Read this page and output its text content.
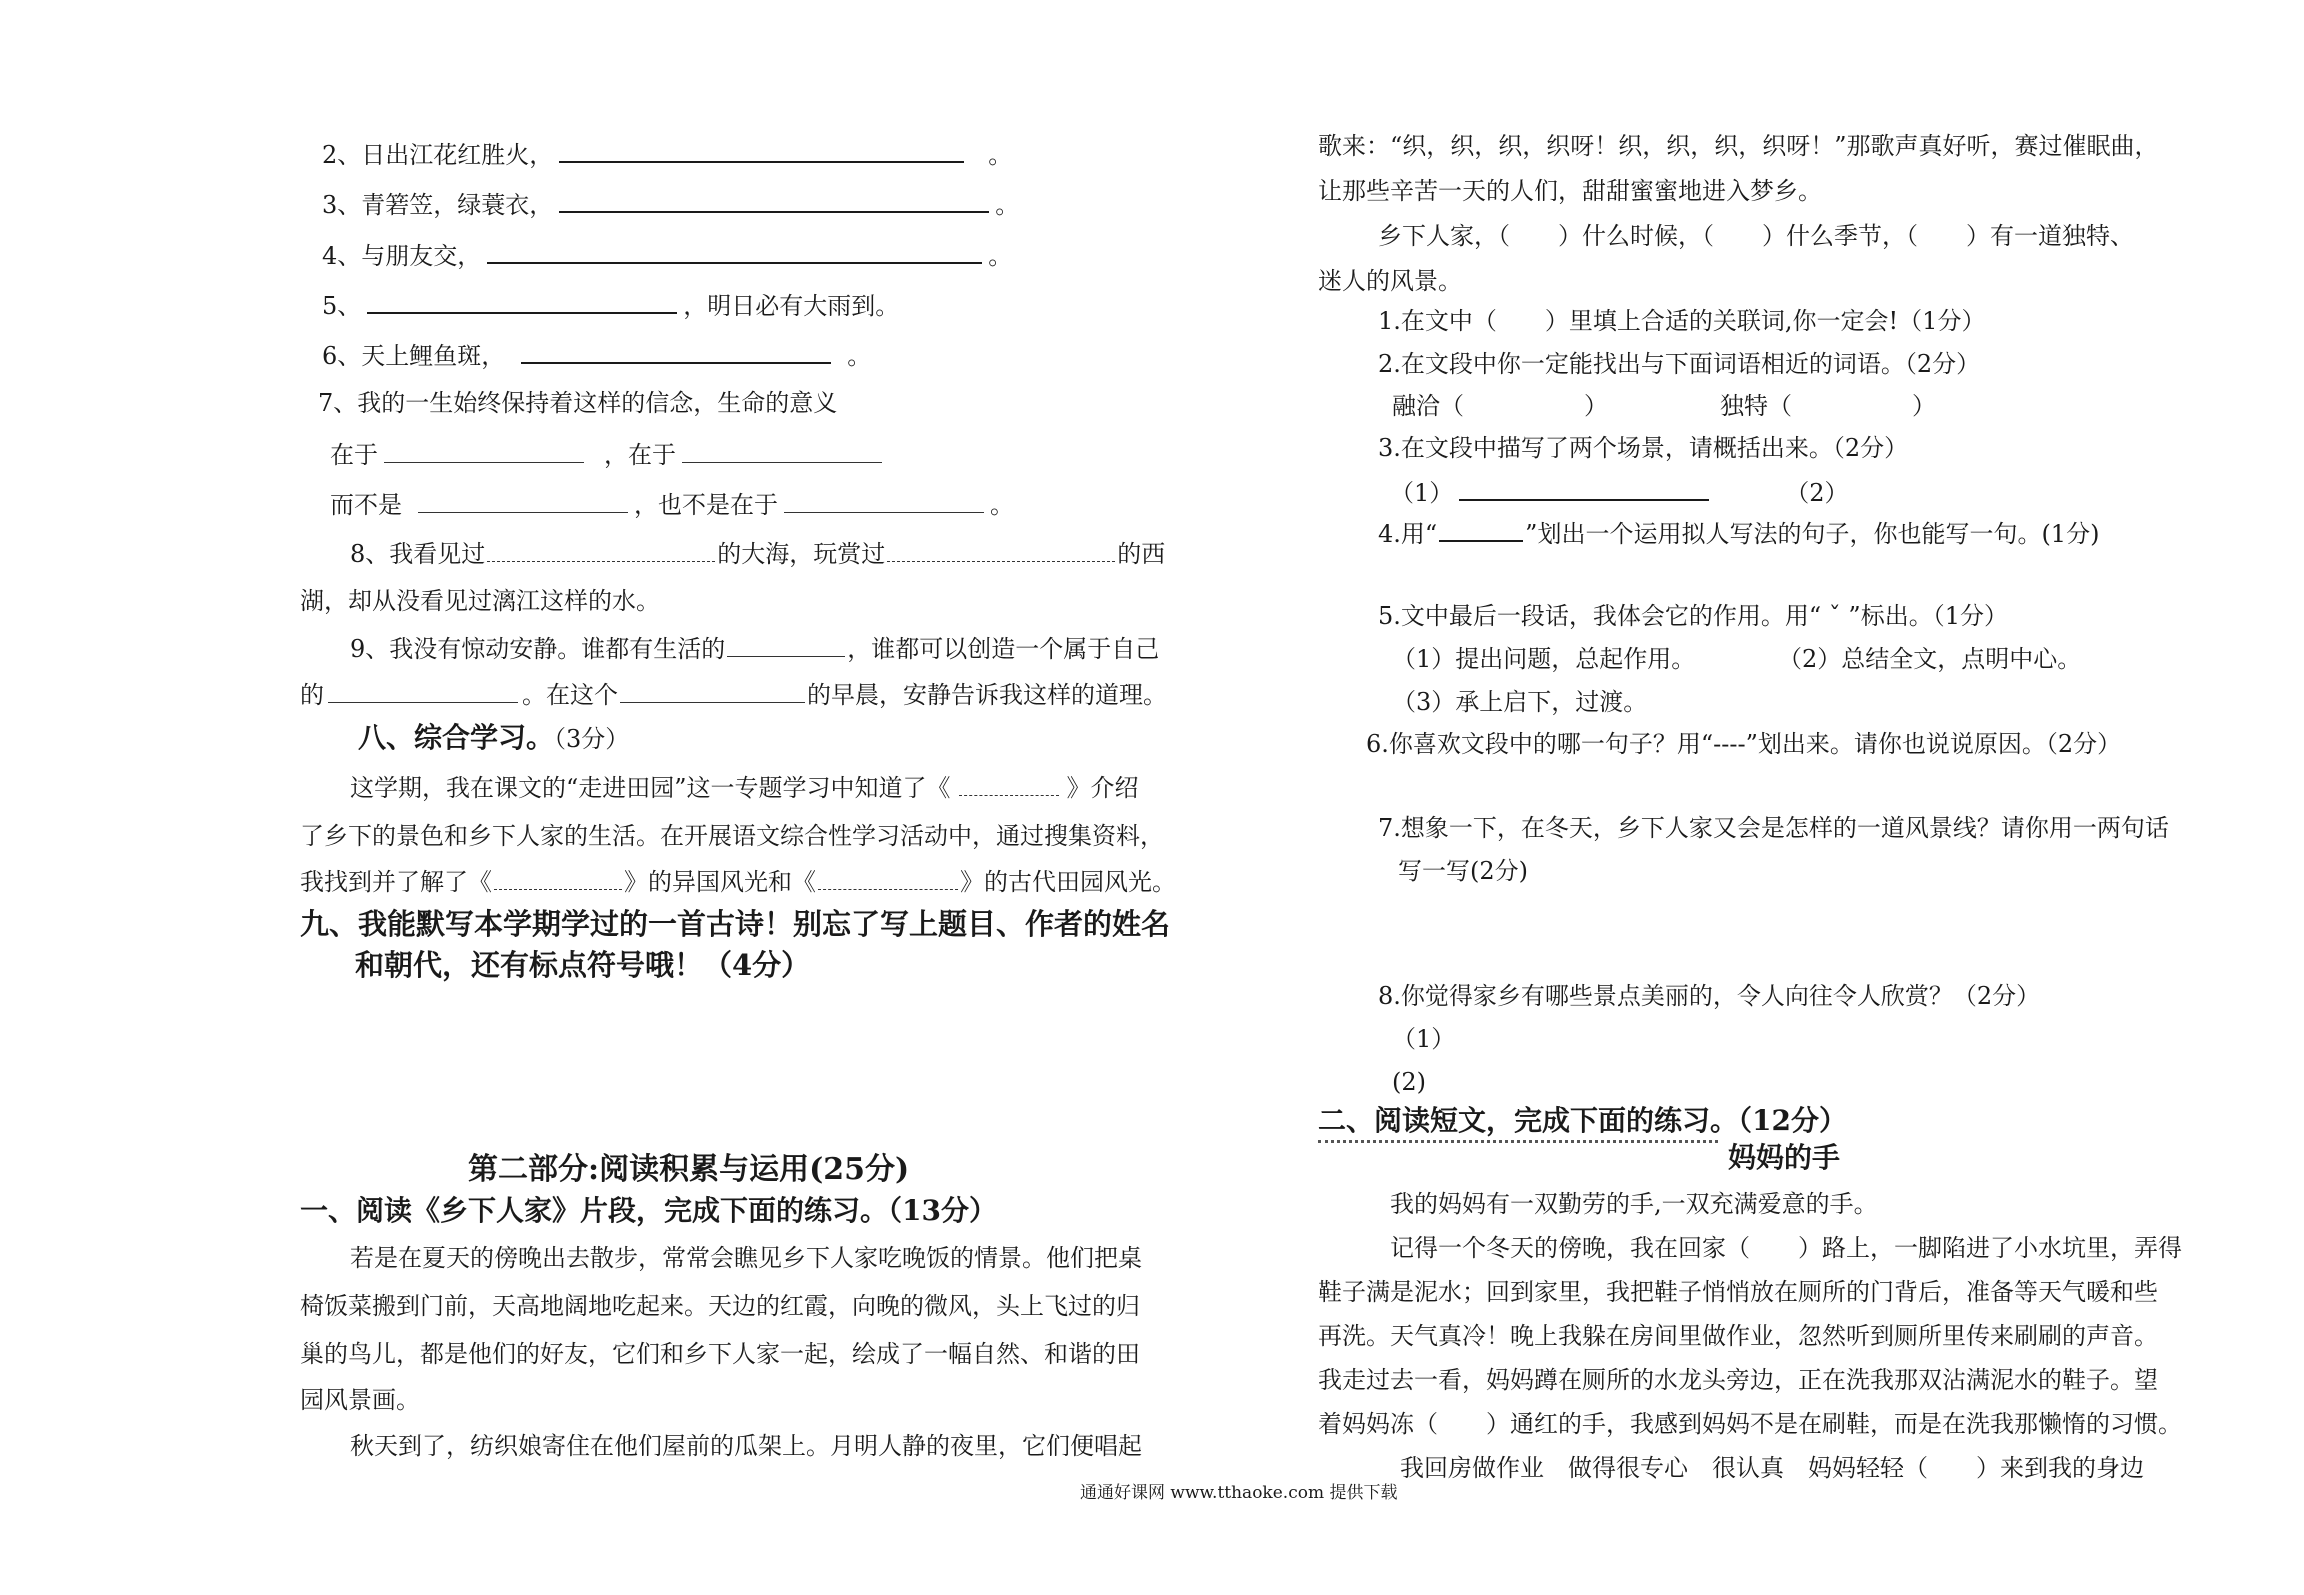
2、日出江花红胜火，	。
3、青箬笠，绿蓑衣，	。
4、与朋友交，	。
5、	，明日必有大雨到。
6、天上鲤鱼斑，	。
7、我的一生始终保持着这样的信念，生命的意义
在于	，在于
而不是	，也不是在于	。
8、我看见过	的大海，玩赏过	的西
湖，却从没看见过漓江这样的水。
9、我没有惊动安静。谁都有生活的	，谁都可以创造一个属于自己
的	。在这个	的早晨，安静告诉我这样的道理。
八、综合学习。（3分）
这学期，我在课文的“走进田园”这一专题学习中知道了《	》介绍
了乡下的景色和乡下人家的生活。在开展语文综合性学习活动中，通过搜集资料，
我找到并了解了《	》的异国风光和《	》的古代田园风光。
九、我能默写本学期学过的一首古诗！别忘了写上题目、作者的姓名
和朝代，还有标点符号哦！（4分）
第二部分:阅读积累与运用(25分)
一、阅读《乡下人家》片段，完成下面的练习。（13分）
若是在夏天的傍晚出去散步，常常会瞧见乡下人家吃晚饭的情景。他们把桌
椅饭菜搬到门前，天高地阔地吃起来。天边的红霞，向晚的微风，头上飞过的归
巢的鸟儿，都是他们的好友，它们和乡下人家一起，绘成了一幅自然、和谐的田
园风景画。
秋天到了，纺织娘寄住在他们屋前的瓜架上。月明人静的夜里，它们便唱起
歌来：“织，织，织，织呀！织，织，织，织呀！”那歌声真好听，赛过催眠曲，
让那些辛苦一天的人们，甜甜蜜蜜地进入梦乡。
乡下人家，（　　）什么时候，（　　）什么季节，（　　）有一道独特、
迷人的风景。
1.在文中（　　）里填上合适的关联词,你一定会!（1分）
2.在文段中你一定能找出与下面词语相近的词语。（2分）
融洽（　　　　　）	独特（　　　　　）
3.在文段中描写了两个场景，请概括出来。（2分）
（1）	（2）
4.用“	”划出一个运用拟人写法的句子，你也能写一句。(1分)
5.文中最后一段话，我体会它的作用。用“ ˇ ”标出。（1分）
（1）提出问题，总起作用。	（2）总结全文，点明中心。
（3）承上启下，过渡。
6.你喜欢文段中的哪一句子？用“----”划出来。请你也说说原因。（2分）
7.想象一下，在冬天，乡下人家又会是怎样的一道风景线？请你用一两句话
写一写(2分)
8.你觉得家乡有哪些景点美丽的，令人向往令人欣赏？（2分）
（1）
(2)
二、阅读短文，完成下面的练习。（12分）
妈妈的手
我的妈妈有一双勤劳的手,一双充满爱意的手。
记得一个冬天的傍晚，我在回家（　　）路上，一脚陷进了小水坑里，弄得
鞋子满是泥水；回到家里，我把鞋子悄悄放在厕所的门背后，准备等天气暖和些
再洗。天气真冷！晚上我躲在房间里做作业，忽然听到厕所里传来刷刷的声音。
我走过去一看，妈妈蹲在厕所的水龙头旁边，正在洗我那双沾满泥水的鞋子。望
着妈妈冻（　　）通红的手，我感到妈妈不是在刷鞋，而是在洗我那懒惰的习惯。
我回房做作业　做得很专心　很认真　妈妈轻轻（　　）来到我的身边
通通好课网 www.tthaoke.com 提供下载
